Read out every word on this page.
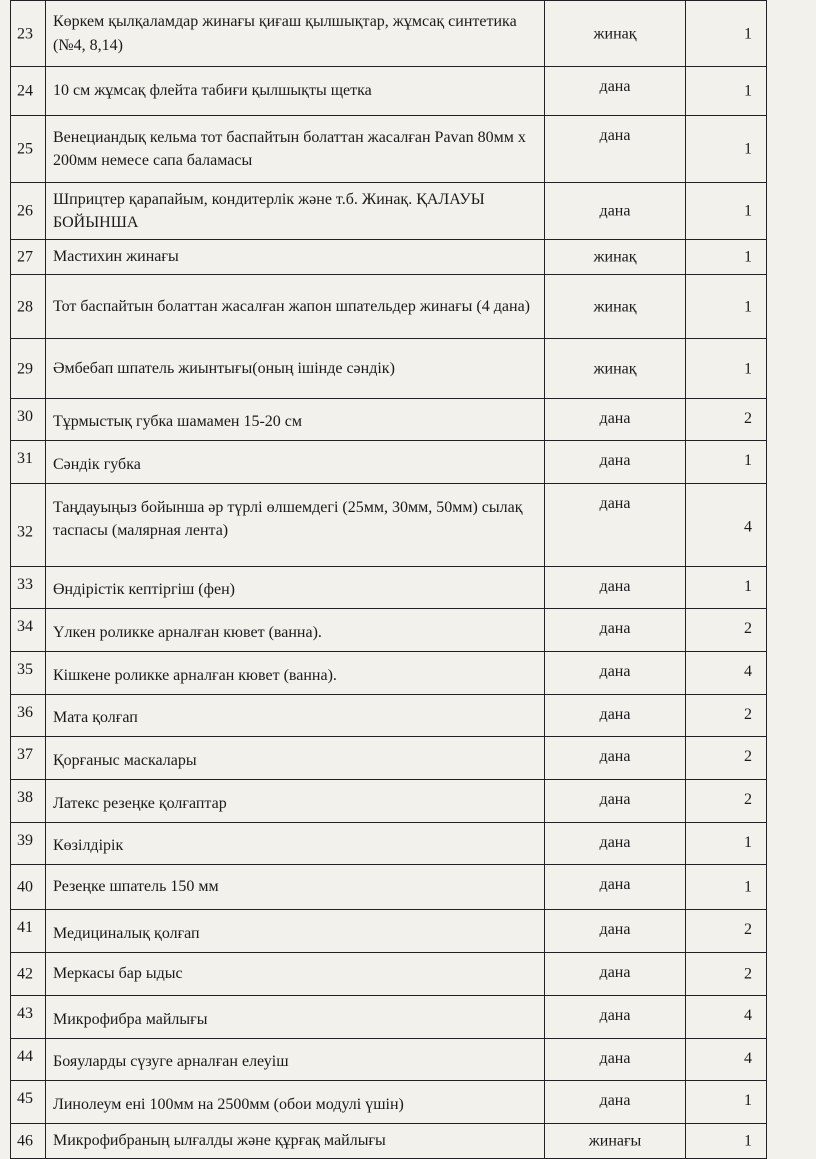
23	Көркем қылқаламдар жинағы қиғаш қылшықтар, жұмсақ синтетика (№4, 8,14)	жинақ	1

24	10 см жұмсақ флейта табиғи қылшықты щетка	дана	1

25	Венециандық кельма тот баспайтын болаттан жасалған Pavan 80мм х 200мм немесе сапа баламасы	дана	1

26	Шприцтер қарапайым, кондитерлік және т.б. Жинақ. ҚАЛАУЫ БОЙЫНША	дана	1

27	Мастихин жинағы	жинақ	1

28	Тот баспайтын болаттан жасалған жапон шпательдер жинағы (4 дана)	жинақ	1

29	Әмбебап шпатель жиынтығы(оның ішінде сәндік)	жинақ	1

30	Тұрмыстық губка шамамен 15-20 см	дана	2

31	Сәндік губка	дана	1

32	Таңдауыңыз бойынша әр түрлі өлшемдегі (25мм, 30мм, 50мм) сылақ таспасы (малярная лента)	дана	4

33	Өндірістік кептіргіш (фен)	дана	1

34	Үлкен роликке арналған кювет (ванна).	дана	2

35	Кішкене роликке арналған кювет (ванна).	дана	4

36	Мата қолғап	дана	2

37	Қорғаныс маскалары	дана	2

38	Латекс резеңке қолғаптар	дана	2

39	Көзілдірік	дана	1

40	Резеңке шпатель 150 мм	дана	1

41	Медициналық қолғап	дана	2

42	Меркасы бар ыдыс	дана	2

43	Микрофибра майлығы	дана	4

44	Бояуларды сүзуге арналған елеуіш	дана	4

45	Линолеум ені 100мм на 2500мм (обои модулі үшін)	дана	1

46	Микрофибраның ылғалды және құрғақ майлығы	жинағы	1
